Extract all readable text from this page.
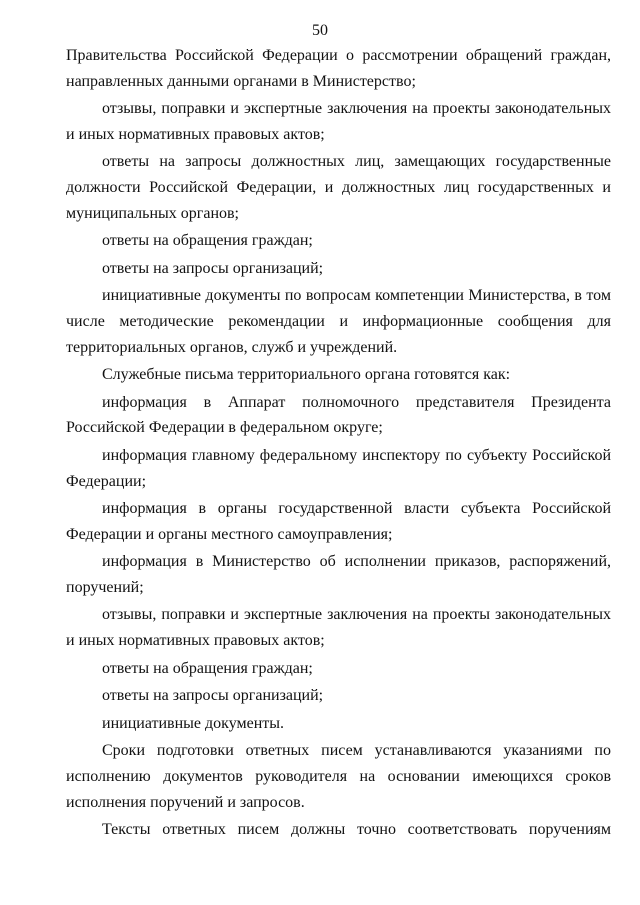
50

Правительства Российской Федерации о рассмотрении обращений граждан, направленных данными органами в Министерство;

отзывы, поправки и экспертные заключения на проекты законодательных и иных нормативных правовых актов;

ответы на запросы должностных лиц, замещающих государственные должности Российской Федерации, и должностных лиц государственных и муниципальных органов;

ответы на обращения граждан;

ответы на запросы организаций;

инициативные документы по вопросам компетенции Министерства, в том числе методические рекомендации и информационные сообщения для территориальных органов, служб и учреждений.

Служебные письма территориального органа готовятся как:

информация в Аппарат полномочного представителя Президента Российской Федерации в федеральном округе;

информация главному федеральному инспектору по субъекту Российской Федерации;

информация в органы государственной власти субъекта Российской Федерации и органы местного самоуправления;

информация в Министерство об исполнении приказов, распоряжений, поручений;

отзывы, поправки и экспертные заключения на проекты законодательных и иных нормативных правовых актов;

ответы на обращения граждан;

ответы на запросы организаций;

инициативные документы.

Сроки подготовки ответных писем устанавливаются указаниями по исполнению документов руководителя на основании имеющихся сроков исполнения поручений и запросов.

Тексты ответных писем должны точно соответствовать поручениям
